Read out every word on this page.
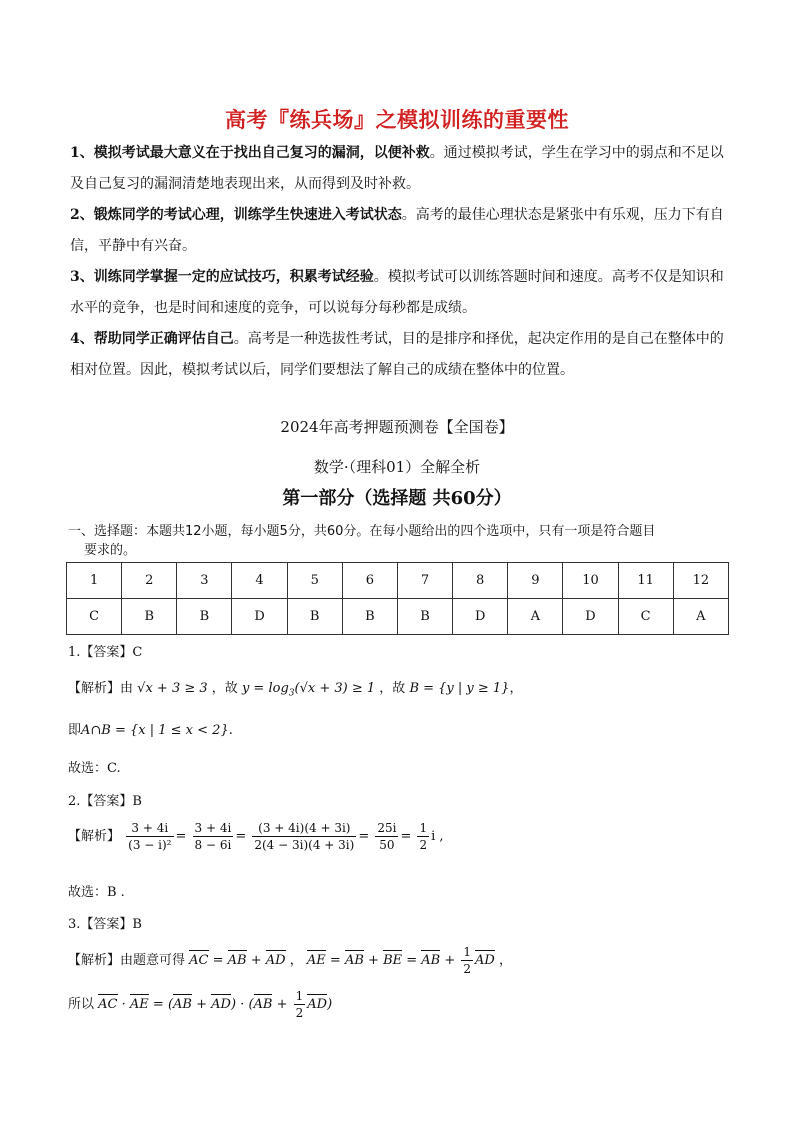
高考『练兵场』之模拟训练的重要性

1、模拟考试最大意义在于找出自己复习的漏洞，以便补救。通过模拟考试，学生在学习中的弱点和不足以及自己复习的漏洞清楚地表现出来，从而得到及时补救。

2、锻炼同学的考试心理，训练学生快速进入考试状态。高考的最佳心理状态是紧张中有乐观，压力下有自信，平静中有兴奋。

3、训练同学掌握一定的应试技巧，积累考试经验。模拟考试可以训练答题时间和速度。高考不仅是知识和水平的竞争，也是时间和速度的竞争，可以说每分每秒都是成绩。

4、帮助同学正确评估自己。高考是一种选拔性考试，目的是排序和择优，起决定作用的是自己在整体中的相对位置。因此，模拟考试以后，同学们要想法了解自己的成绩在整体中的位置。

2024年高考押题预测卷【全国卷】
数学·（理科01）全解全析
第一部分（选择题 共60分）
一、选择题：本题共12小题，每小题5分，共60分。在每小题给出的四个选项中，只有一项是符合题目
要求的。
1	2	3	4	5	6	7	8	9	10	11	12
C	B	B	D	B	B	B	D	A	D	C	A
1.【答案】C
【解析】由 √x + 3 ≥ 3 ，故 $y = \log_3(√x + 3) \ge 1$ ，故 B = {y | y ≥ 1}，
即A∩B = {x | 1 ≤ x < 2}.
故选：C.
2.【答案】B
【解析】 $\frac{3 + 4i}{\text{(3 − i)²}} = \frac{3 + 4i}{8 - 6i} = \frac{(3 + 4i)(4 + 3i)}{2(4 - 3i)(4 + 3i)} = \frac{25i}{50} = \frac{1}{2}$ i ,
故选：B .
3.【答案】B
【解析】由题意可得 AC = AB + AD ， AE = AB + BE = AB + $\frac{1}{2}$ AD ，
所以 AC · AE = $(AB + AD) \cdot (AB + \frac{1}{2} AD)$
